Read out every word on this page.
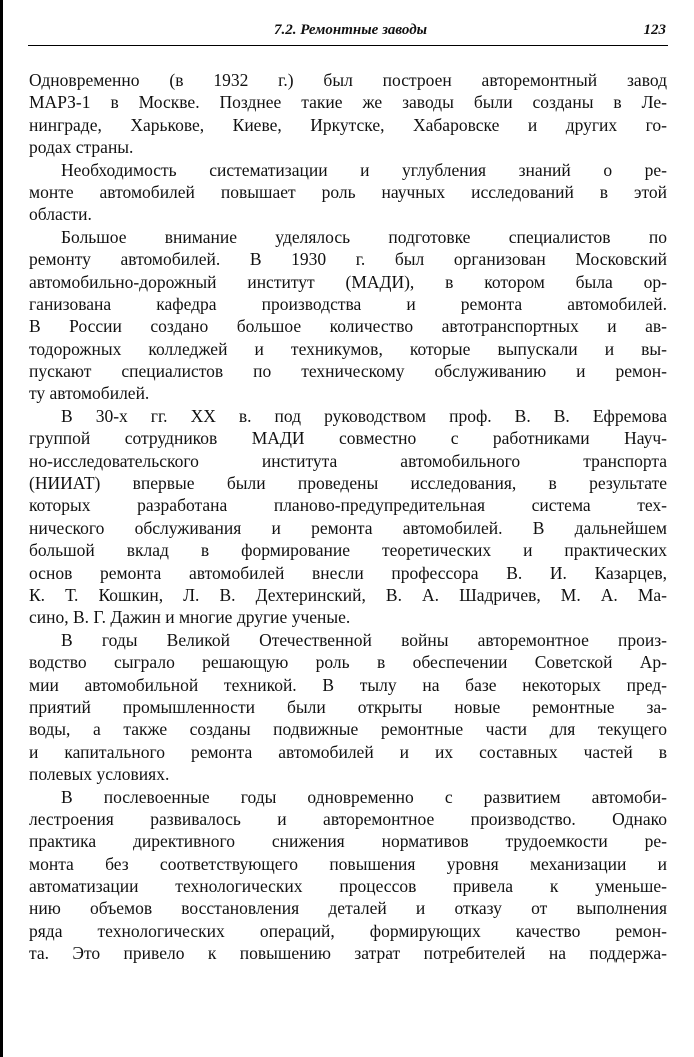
7.2. Ремонтные заводы	123
Одновременно (в 1932 г.) был построен авторемонтный завод
МАРЗ-1 в Москве. Позднее такие же заводы были созданы в Ле-
нинграде, Харькове, Киеве, Иркутске, Хабаровске и других го-
родах страны.
Необходимость систематизации и углубления знаний о ре-
монте автомобилей повышает роль научных исследований в этой
области.
Большое внимание уделялось подготовке специалистов по
ремонту автомобилей. В 1930 г. был организован Московский
автомобильно-дорожный институт (МАДИ), в котором была ор-
ганизована кафедра производства и ремонта автомобилей.
В России создано большое количество автотранспортных и ав-
тодорожных колледжей и техникумов, которые выпускали и вы-
пускают специалистов по техническому обслуживанию и ремон-
ту автомобилей.
В 30-х гг. XX в. под руководством проф. В. В. Ефремова
группой сотрудников МАДИ совместно с работниками Науч-
но-исследовательского института автомобильного транспорта
(НИИАТ) впервые были проведены исследования, в результате
которых разработана планово-предупредительная система тех-
нического обслуживания и ремонта автомобилей. В дальнейшем
большой вклад в формирование теоретических и практических
основ ремонта автомобилей внесли профессора В. И. Казарцев,
К. Т. Кошкин, Л. В. Дехтеринский, В. А. Шадричев, М. А. Ма-
сино, В. Г. Дажин и многие другие ученые.
В годы Великой Отечественной войны авторемонтное произ-
водство сыграло решающую роль в обеспечении Советской Ар-
мии автомобильной техникой. В тылу на базе некоторых пред-
приятий промышленности были открыты новые ремонтные за-
воды, а также созданы подвижные ремонтные части для текущего
и капитального ремонта автомобилей и их составных частей в
полевых условиях.
В послевоенные годы одновременно с развитием автомоби-
лестроения развивалось и авторемонтное производство. Однако
практика директивного снижения нормативов трудоемкости ре-
монта без соответствующего повышения уровня механизации и
автоматизации технологических процессов привела к уменьше-
нию объемов восстановления деталей и отказу от выполнения
ряда технологических операций, формирующих качество ремон-
та. Это привело к повышению затрат потребителей на поддержа-
